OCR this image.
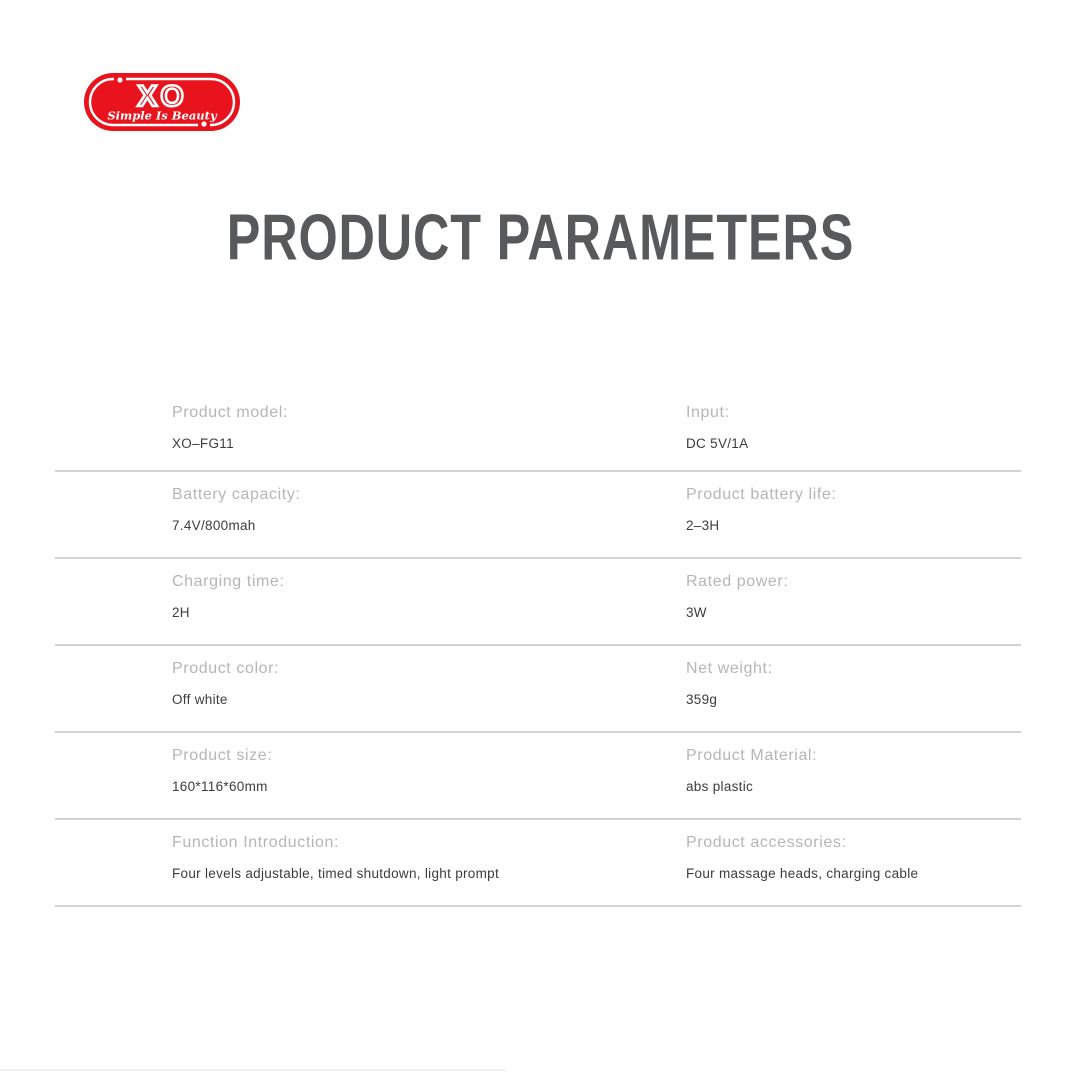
XO
Simple Is Beauty
PRODUCT PARAMETERS
Product model:
XO–FG11
Input:
DC 5V/1A
Battery capacity:
7.4V/800mah
Product battery life:
2–3H
Charging time:
2H
Rated power:
3W
Product color:
Off white
Net weight:
359g
Product size:
160*116*60mm
Product Material:
abs plastic
Function Introduction:
Four levels adjustable, timed shutdown, light prompt
Product accessories:
Four massage heads, charging cable
